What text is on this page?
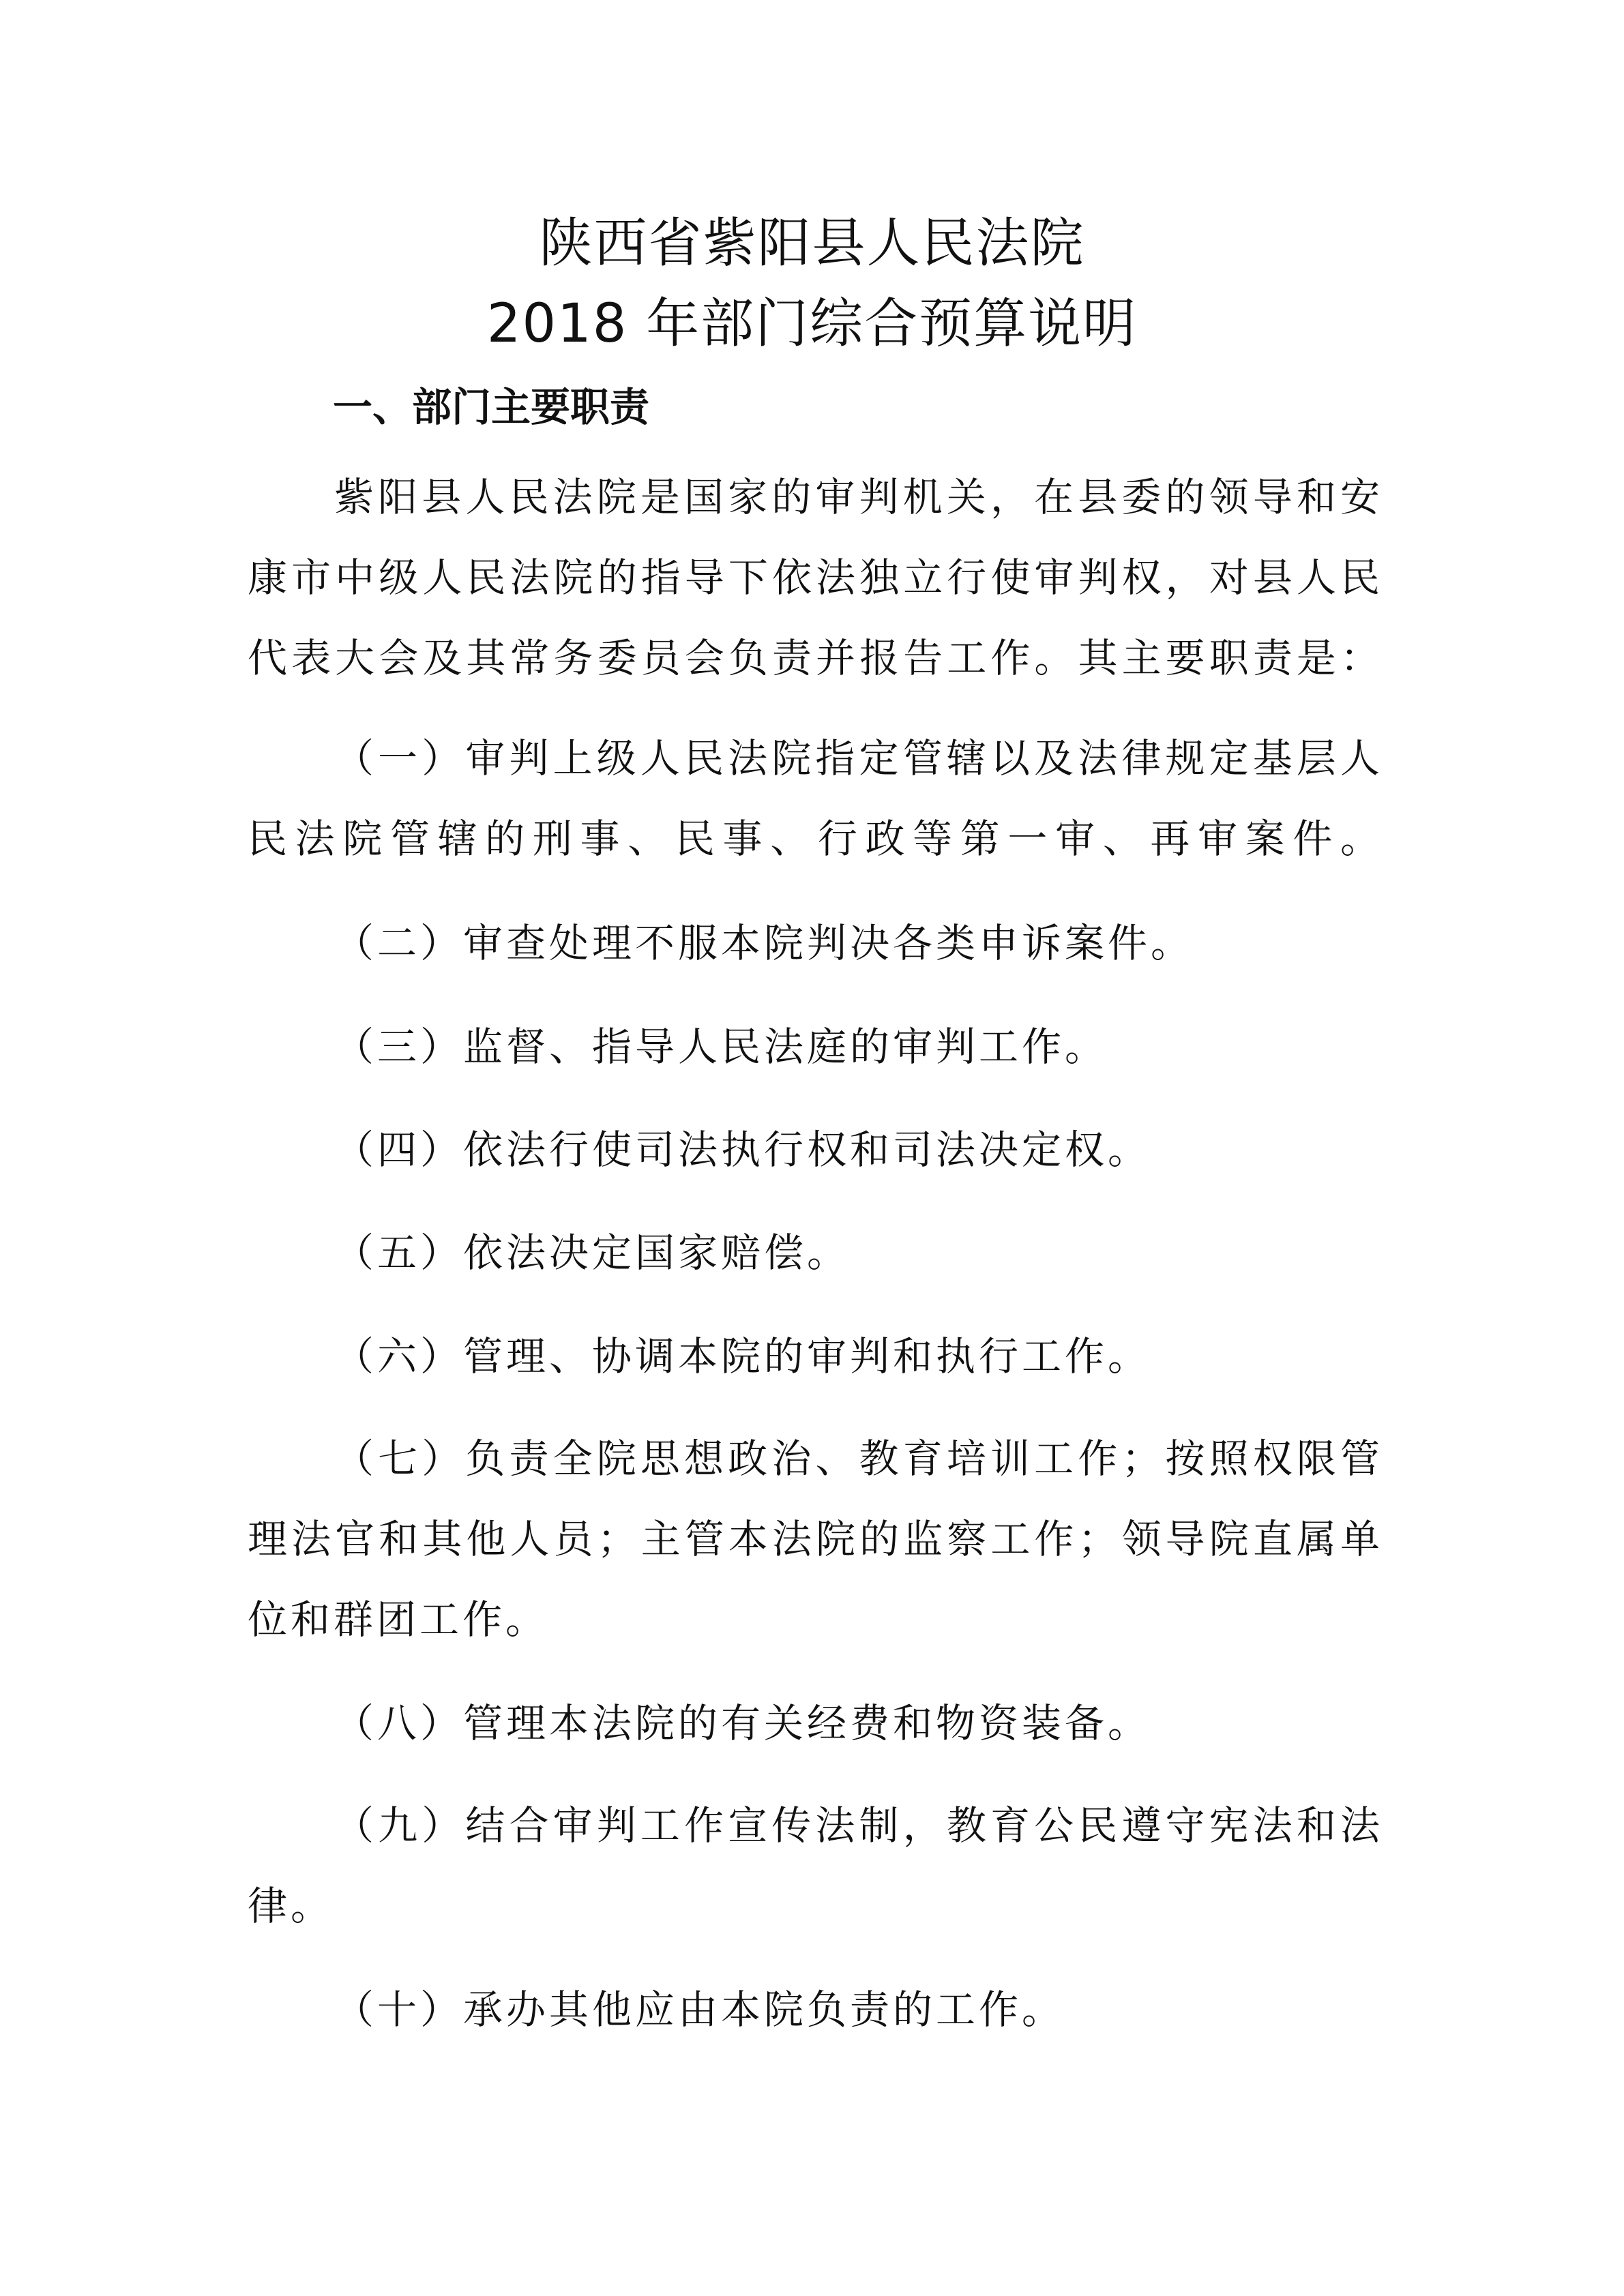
陕西省紫阳县人民法院
2018 年部门综合预算说明
一、部门主要职责
紫阳县人民法院是国家的审判机关，在县委的领导和安
康市中级人民法院的指导下依法独立行使审判权，对县人民
代表大会及其常务委员会负责并报告工作。其主要职责是：
（一）审判上级人民法院指定管辖以及法律规定基层人
民法院管辖的刑事、民事、行政等第一审、再审案件。
（二）审查处理不服本院判决各类申诉案件。
（三）监督、指导人民法庭的审判工作。
（四）依法行使司法执行权和司法决定权。
（五）依法决定国家赔偿。
（六）管理、协调本院的审判和执行工作。
（七）负责全院思想政治、教育培训工作；按照权限管
理法官和其他人员；主管本法院的监察工作；领导院直属单
位和群团工作。
（八）管理本法院的有关经费和物资装备。
（九）结合审判工作宣传法制，教育公民遵守宪法和法
律。
（十）承办其他应由本院负责的工作。
